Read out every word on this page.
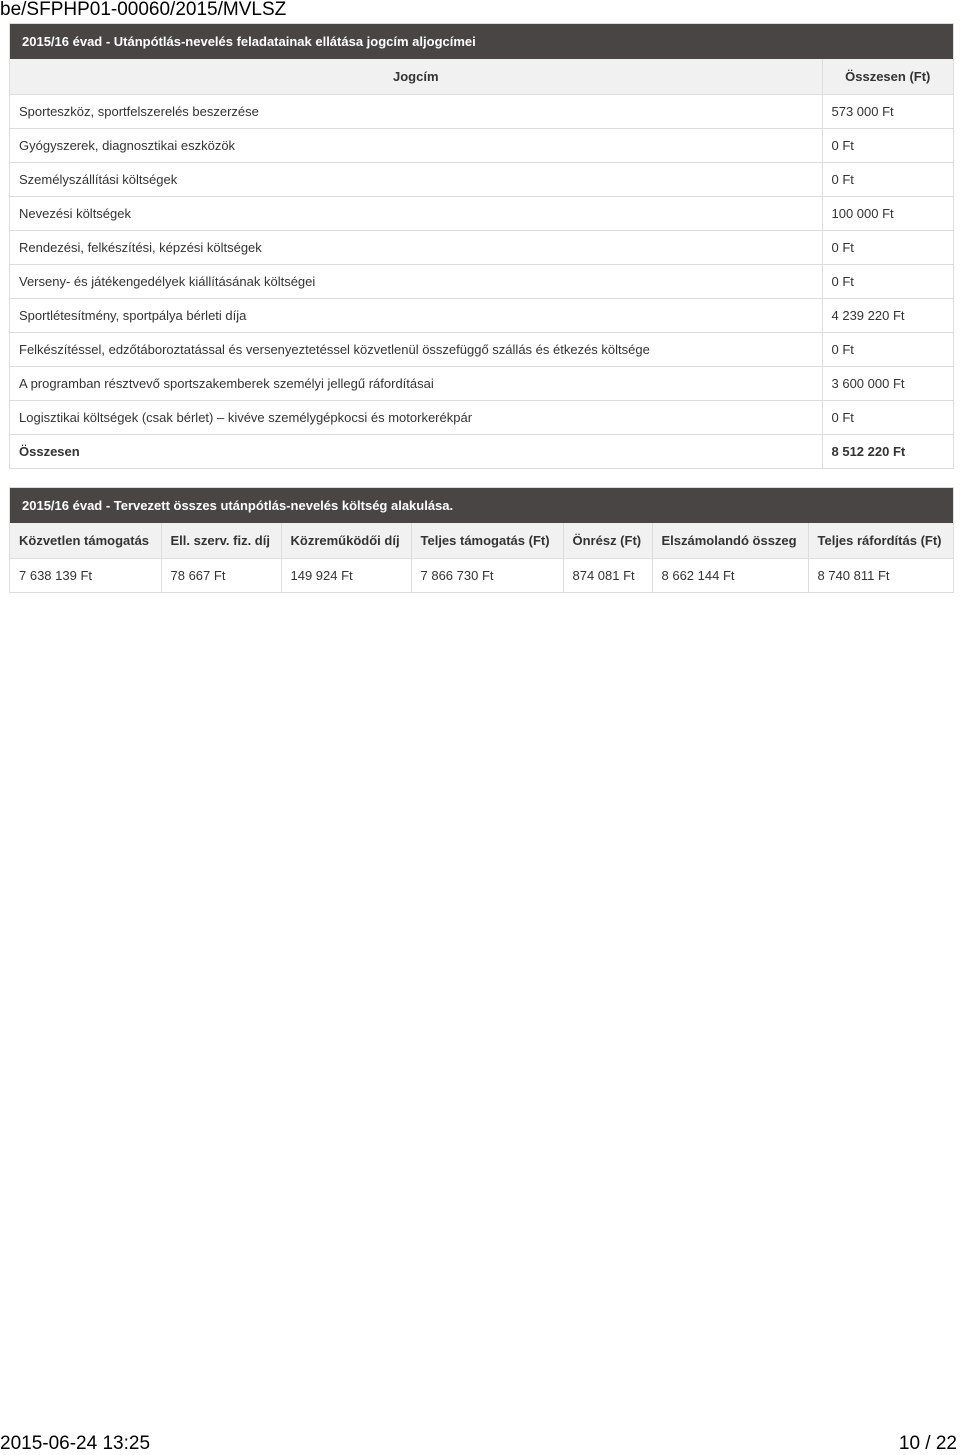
be/SFPHP01-00060/2015/MVLSZ
2015/16 évad - Utánpótlás-nevelés feladatainak ellátása jogcím aljogcímei
Jogcím	Összesen (Ft)
Sporteszköz, sportfelszerelés beszerzése	573 000 Ft
Gyógyszerek, diagnosztikai eszközök	0 Ft
Személyszállítási költségek	0 Ft
Nevezési költségek	100 000 Ft
Rendezési, felkészítési, képzési költségek	0 Ft
Verseny- és játékengedélyek kiállításának költségei	0 Ft
Sportlétesítmény, sportpálya bérleti díja	4 239 220 Ft
Felkészítéssel, edzőtáboroztatással és versenyeztetéssel közvetlenül összefüggő szállás és étkezés költsége	0 Ft
A programban résztvevő sportszakemberek személyi jellegű ráfordításai	3 600 000 Ft
Logisztikai költségek (csak bérlet) – kivéve személygépkocsi és motorkerékpár	0 Ft
Összesen	8 512 220 Ft
2015/16 évad - Tervezett összes utánpótlás-nevelés költség alakulása.
Közvetlen támogatás	Ell. szerv. fiz. díj	Közreműködői díj	Teljes támogatás (Ft)	Önrész (Ft)	Elszámolandó összeg	Teljes ráfordítás (Ft)
7 638 139 Ft	78 667 Ft	149 924 Ft	7 866 730 Ft	874 081 Ft	8 662 144 Ft	8 740 811 Ft
2015-06-24 13:25	10 / 22
